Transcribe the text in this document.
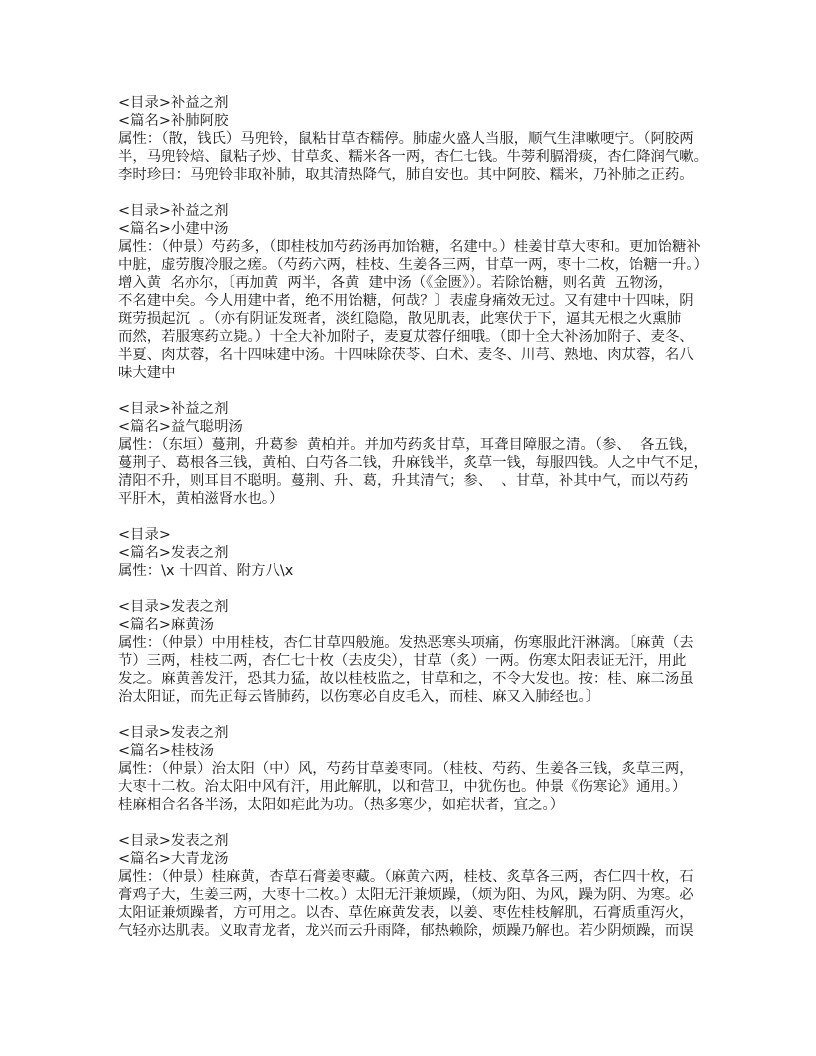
<目录>补益之剂
<篇名>补肺阿胶
属性：（散，钱氏）马兜铃，鼠粘甘草杏糯停。肺虚火盛人当服，顺气生津嗽哽宁。（阿胶两
半，马兜铃焙、鼠粘子炒、甘草炙、糯米各一两，杏仁七钱。牛蒡利膈滑痰，杏仁降润气嗽。
李时珍曰：马兜铃非取补肺，取其清热降气，肺自安也。其中阿胶、糯米，乃补肺之正药。
<目录>补益之剂
<篇名>小建中汤
属性：（仲景）芍药多，（即桂枝加芍药汤再加饴糖，名建中。）桂姜甘草大枣和。更加饴糖补
中脏，虚劳腹冷服之瘥。（芍药六两，桂枝、生姜各三两，甘草一两，枣十二枚，饴糖一升。）
增入黄  名亦尔，〔再加黄  两半，各黄  建中汤（《金匮》）。若除饴糖，则名黄  五物汤，
不名建中矣。今人用建中者，绝不用饴糖，何哉？〕表虚身痛效无过。又有建中十四味，阴
斑劳损起沉  。（亦有阴证发斑者，淡红隐隐，散见肌表，此寒伏于下，逼其无根之火熏肺
而然，若服寒药立毙。）十全大补加附子，麦夏苁蓉仔细哦。（即十全大补汤加附子、麦冬、
半夏、肉苁蓉，名十四味建中汤。十四味除茯苓、白术、麦冬、川芎、熟地、肉苁蓉，名八
味大建中
<目录>补益之剂
<篇名>益气聪明汤
属性：（东垣）蔓荆，升葛参  黄柏并。并加芍药炙甘草，耳聋目障服之清。（参、  各五钱，
蔓荆子、葛根各三钱，黄柏、白芍各二钱，升麻钱半，炙草一钱，每服四钱。人之中气不足，
清阳不升，则耳目不聪明。蔓荆、升、葛，升其清气；参、  、甘草，补其中气，而以芍药
平肝木，黄柏滋肾水也。）
<目录>
<篇名>发表之剂
属性：\x 十四首、附方八\x
<目录>发表之剂
<篇名>麻黄汤
属性：（仲景）中用桂枝，杏仁甘草四般施。发热恶寒头项痛，伤寒服此汗淋漓。〔麻黄（去
节）三两，桂枝二两，杏仁七十枚（去皮尖），甘草（炙）一两。伤寒太阳表证无汗，用此
发之。麻黄善发汗，恐其力猛，故以桂枝监之，甘草和之，不令大发也。按：桂、麻二汤虽
治太阳证，而先正每云皆肺药，以伤寒必自皮毛入，而桂、麻又入肺经也。〕
<目录>发表之剂
<篇名>桂枝汤
属性：（仲景）治太阳（中）风，芍药甘草姜枣同。（桂枝、芍药、生姜各三钱，炙草三两，
大枣十二枚。治太阳中风有汗，用此解肌，以和营卫，中犹伤也。仲景《伤寒论》通用。）
桂麻相合名各半汤，太阳如疟此为功。（热多寒少，如疟状者，宜之。）
<目录>发表之剂
<篇名>大青龙汤
属性：（仲景）桂麻黄，杏草石膏姜枣藏。（麻黄六两，桂枝、炙草各三两，杏仁四十枚，石
膏鸡子大，生姜三两，大枣十二枚。）太阳无汗兼烦躁，（烦为阳、为风，躁为阴、为寒。必
太阳证兼烦躁者，方可用之。以杏、草佐麻黄发表，以姜、枣佐桂枝解肌，石膏质重泻火，
气轻亦达肌表。义取青龙者，龙兴而云升雨降，郁热赖除，烦躁乃解也。若少阴烦躁，而误
